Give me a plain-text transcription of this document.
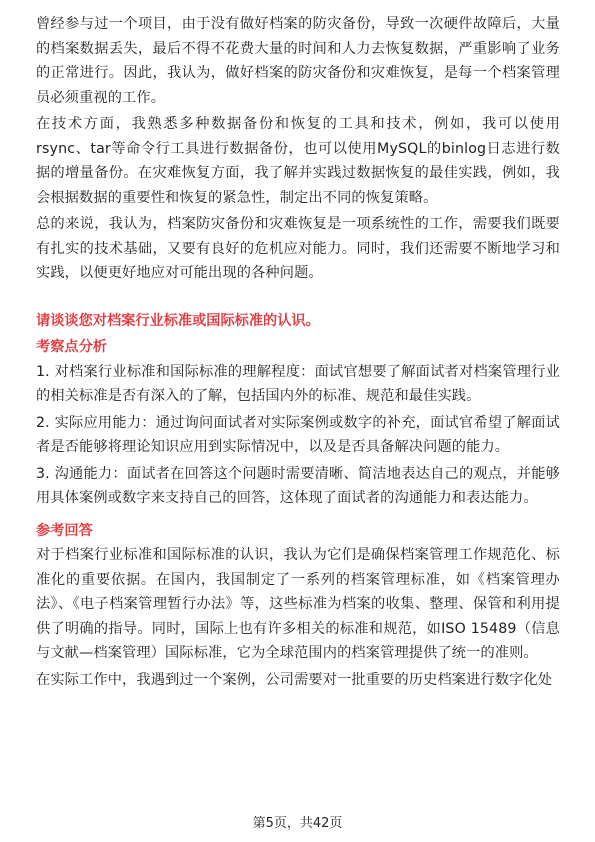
曾经参与过一个项目，由于没有做好档案的防灾备份，导致一次硬件故障后，大量的档案数据丢失，最后不得不花费大量的时间和人力去恢复数据，严重影响了业务的正常进行。因此，我认为，做好档案的防灾备份和灾难恢复，是每一个档案管理员必须重视的工作。

在技术方面，我熟悉多种数据备份和恢复的工具和技术，例如，我可以使用rsync、tar等命令行工具进行数据备份，也可以使用MySQL的binlog日志进行数据的增量备份。在灾难恢复方面，我了解并实践过数据恢复的最佳实践，例如，我会根据数据的重要性和恢复的紧急性，制定出不同的恢复策略。

总的来说，我认为，档案防灾备份和灾难恢复是一项系统性的工作，需要我们既要有扎实的技术基础，又要有良好的危机应对能力。同时，我们还需要不断地学习和实践，以便更好地应对可能出现的各种问题。

请谈谈您对档案行业标准或国际标准的认识。

考察点分析

1. 对档案行业标准和国际标准的理解程度：面试官想要了解面试者对档案管理行业的相关标准是否有深入的了解，包括国内外的标准、规范和最佳实践。

2. 实际应用能力：通过询问面试者对实际案例或数字的补充，面试官希望了解面试者是否能够将理论知识应用到实际情况中，以及是否具备解决问题的能力。

3. 沟通能力：面试者在回答这个问题时需要清晰、简洁地表达自己的观点，并能够用具体案例或数字来支持自己的回答，这体现了面试者的沟通能力和表达能力。

参考回答

对于档案行业标准和国际标准的认识，我认为它们是确保档案管理工作规范化、标准化的重要依据。在国内，我国制定了一系列的档案管理标准，如《档案管理办法》、《电子档案管理暂行办法》等，这些标准为档案的收集、整理、保管和利用提供了明确的指导。同时，国际上也有许多相关的标准和规范，如ISO 15489（信息与文献—档案管理）国际标准，它为全球范围内的档案管理提供了统一的准则。

在实际工作中，我遇到过一个案例，公司需要对一批重要的历史档案进行数字化处

第5页，共42页
